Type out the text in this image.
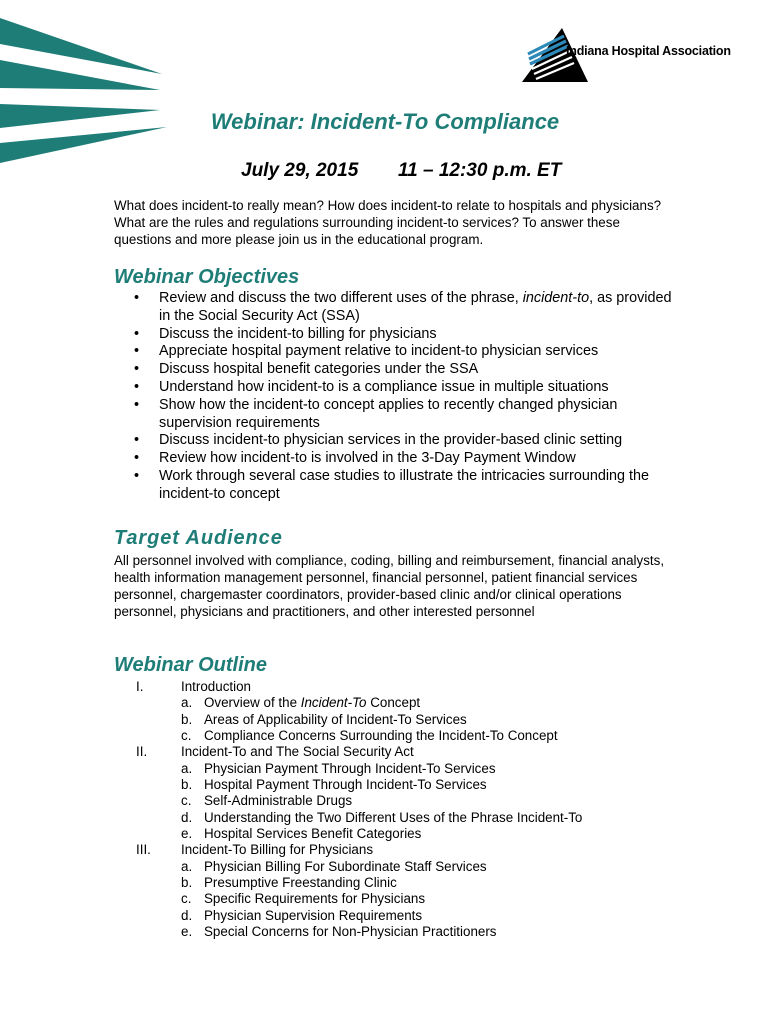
Indiana Hospital Association
Webinar: Incident-To Compliance
July 29, 2015 11 – 12:30 p.m. ET
What does incident-to really mean? How does incident-to relate to hospitals and physicians? What are the rules and regulations surrounding incident-to services? To answer these questions and more please join us in the educational program.
Webinar Objectives
• Review and discuss the two different uses of the phrase, incident-to, as provided in the Social Security Act (SSA)
• Discuss the incident-to billing for physicians
• Appreciate hospital payment relative to incident-to physician services
• Discuss hospital benefit categories under the SSA
• Understand how incident-to is a compliance issue in multiple situations
• Show how the incident-to concept applies to recently changed physician supervision requirements
• Discuss incident-to physician services in the provider-based clinic setting
• Review how incident-to is involved in the 3-Day Payment Window
• Work through several case studies to illustrate the intricacies surrounding the incident-to concept
Target Audience
All personnel involved with compliance, coding, billing and reimbursement, financial analysts, health information management personnel, financial personnel, patient financial services personnel, chargemaster coordinators, provider-based clinic and/or clinical operations personnel, physicians and practitioners, and other interested personnel
Webinar Outline
I.	Introduction
a. Overview of the Incident-To Concept
b. Areas of Applicability of Incident-To Services
c. Compliance Concerns Surrounding the Incident-To Concept
II.	Incident-To and The Social Security Act
a. Physician Payment Through Incident-To Services
b. Hospital Payment Through Incident-To Services
c. Self-Administrable Drugs
d. Understanding the Two Different Uses of the Phrase Incident-To
e. Hospital Services Benefit Categories
III. Incident-To Billing for Physicians
a. Physician Billing For Subordinate Staff Services
b. Presumptive Freestanding Clinic
c. Specific Requirements for Physicians
d. Physician Supervision Requirements
e. Special Concerns for Non-Physician Practitioners
